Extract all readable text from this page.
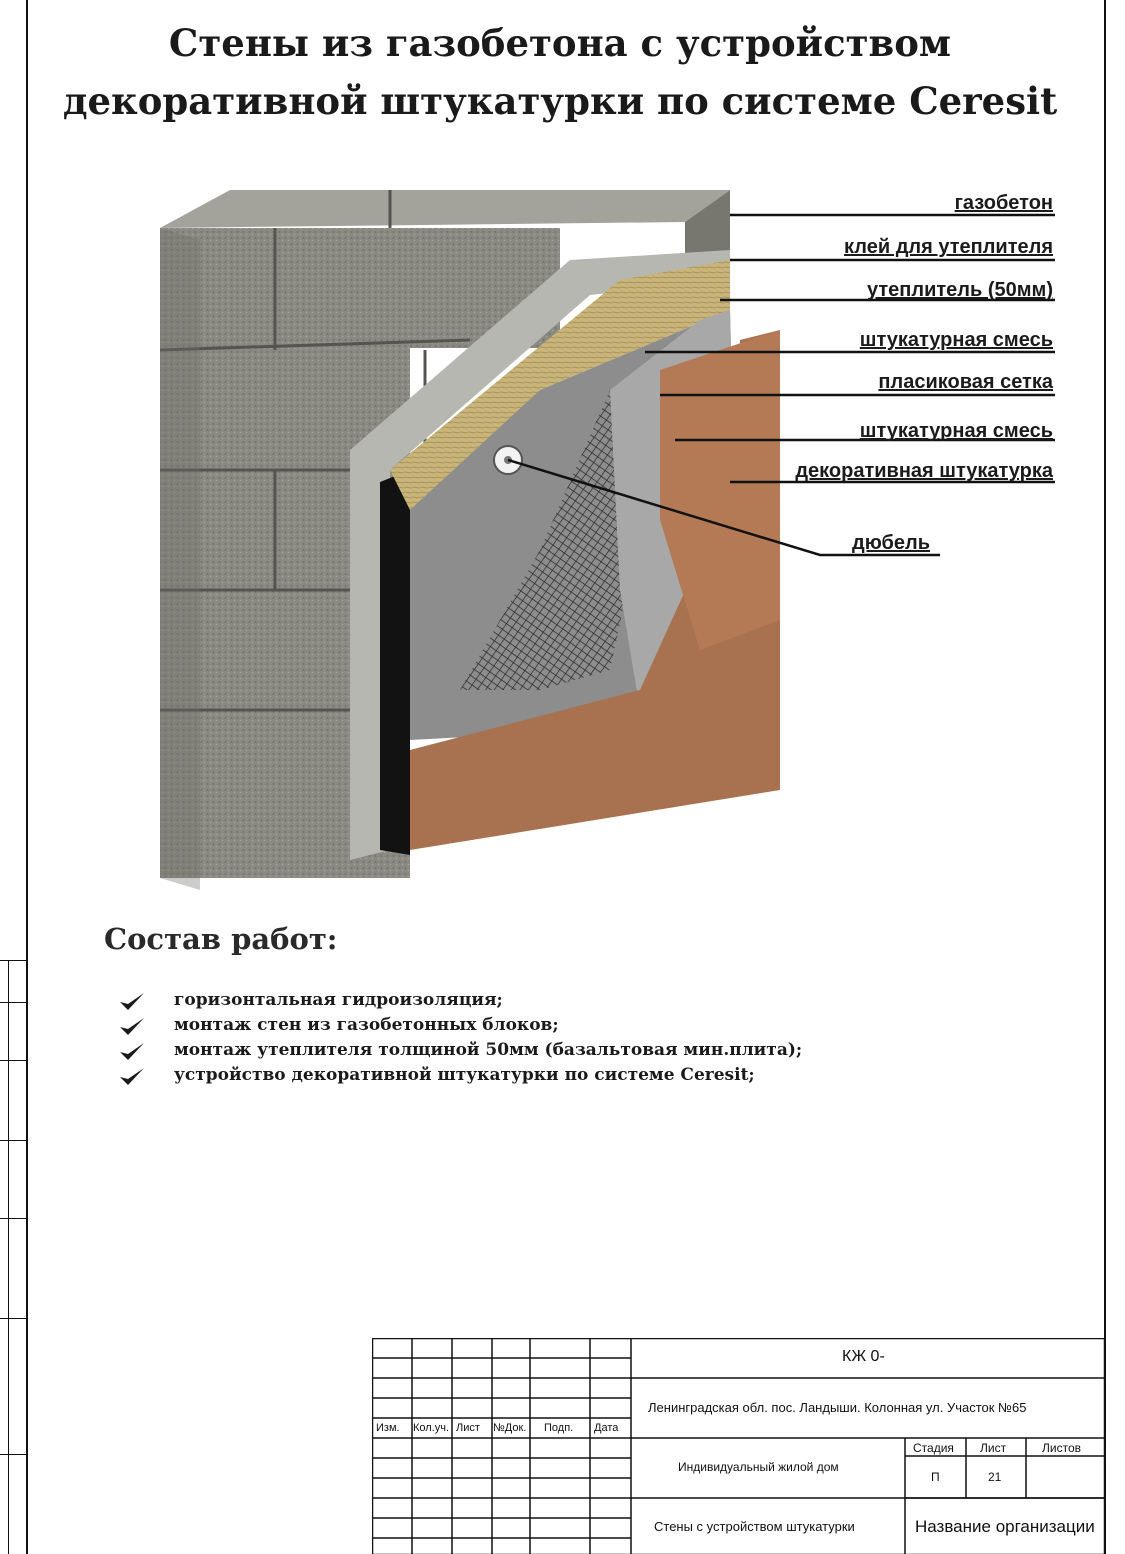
Стены из газобетона с устройством
декоративной штукатурки по системе Ceresit
газобетон
клей для утеплителя
утеплитель (50мм)
штукатурная смесь
пласиковая сетка
штукатурная смесь
декоративная штукатурка
дюбель
Состав работ:
горизонтальная гидроизоляция;
монтаж стен из газобетонных блоков;
монтаж утеплителя толщиной 50мм (базальтовая мин.плита);
устройство декоративной штукатурки по системе Ceresit;
КЖ 0-
Ленинградская обл. пос. Ландыши. Колонная ул. Участок №65
Изм. Кол.уч. Лист №Док. Подп. Дата
Индивидуальный жилой дом
Стадия Лист	Листов
П	21
Стены с устройством штукатурки	Название организации
